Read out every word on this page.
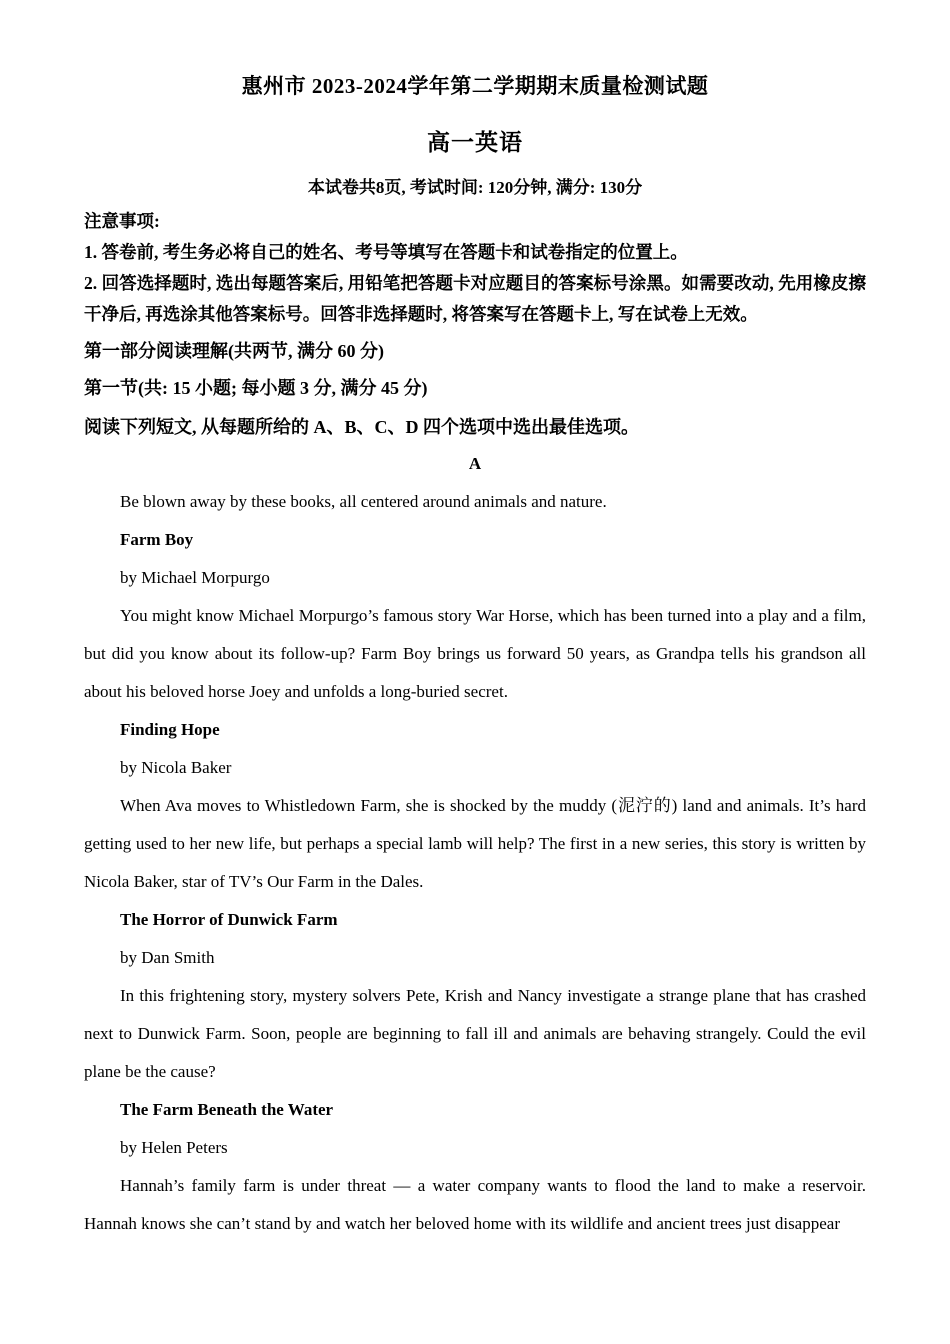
惠州市 2023-2024学年第二学期期末质量检测试题
高一英语
本试卷共8页, 考试时间: 120分钟, 满分: 130分
注意事项:
1. 答卷前, 考生务必将自己的姓名、考号等填写在答题卡和试卷指定的位置上。
2. 回答选择题时, 选出每题答案后, 用铅笔把答题卡对应题目的答案标号涂黑。如需要改动, 先用橡皮擦干净后, 再选涂其他答案标号。回答非选择题时, 将答案写在答题卡上, 写在试卷上无效。
第一部分阅读理解(共两节, 满分 60 分)
第一节(共: 15 小题; 每小题 3 分, 满分 45 分)
阅读下列短文, 从每题所给的 A、B、C、D 四个选项中选出最佳选项。
A

Be blown away by these books, all centered around animals and nature.

Farm Boy

by Michael Morpurgo

You might know Michael Morpurgo’s famous story War Horse, which has been turned into a play and a film, but did you know about its follow-up? Farm Boy brings us forward 50 years, as Grandpa tells his grandson all about his beloved horse Joey and unfolds a long-buried secret.

Finding Hope

by Nicola Baker

When Ava moves to Whistledown Farm, she is shocked by the muddy (泥泞的) land and animals. It’s hard getting used to her new life, but perhaps a special lamb will help? The first in a new series, this story is written by Nicola Baker, star of TV’s Our Farm in the Dales.

The Horror of Dunwick Farm

by Dan Smith

In this frightening story, mystery solvers Pete, Krish and Nancy investigate a strange plane that has crashed next to Dunwick Farm. Soon, people are beginning to fall ill and animals are behaving strangely. Could the evil plane be the cause?

The Farm Beneath the Water

by Helen Peters

Hannah’s family farm is under threat — a water company wants to flood the land to make a reservoir. Hannah knows she can’t stand by and watch her beloved home with its wildlife and ancient trees just disappear
